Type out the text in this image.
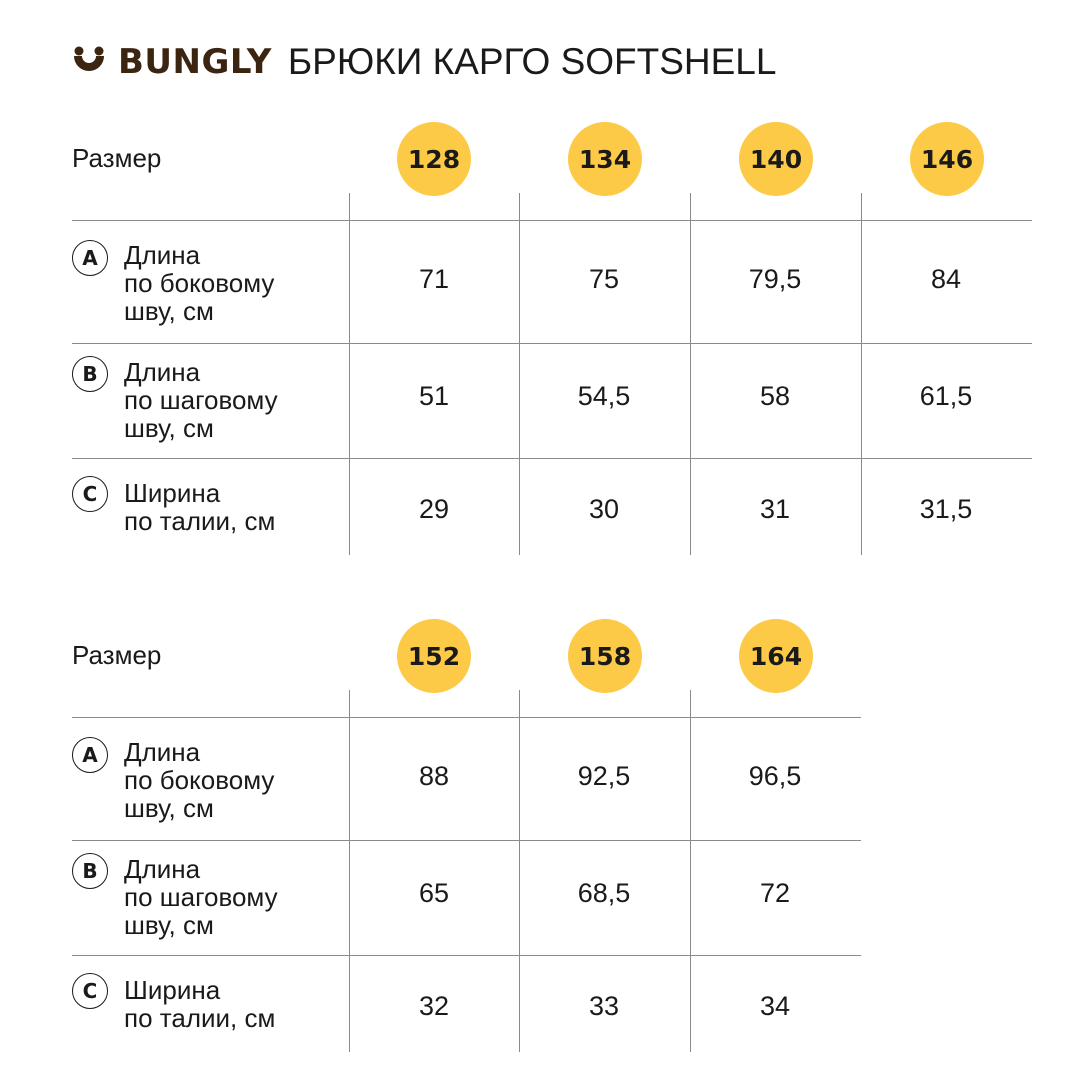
BUNGLY БРЮКИ КАРГО SOFTSHELL
Размер	128	134	140	146
A	Длина
по боковому
шву, см
71	75	79,5	84
B	Длина
по шаговому
шву, см
51	54,5	58	61,5
C	Ширина
по талии, см	29	30	31	31,5
Размер	152	158	164
A	Длина
по боковому
шву, см
88	92,5	96,5
B	Длина
по шаговому
шву, см
65	68,5	72
C	Ширина
по талии, см	32	33	34
